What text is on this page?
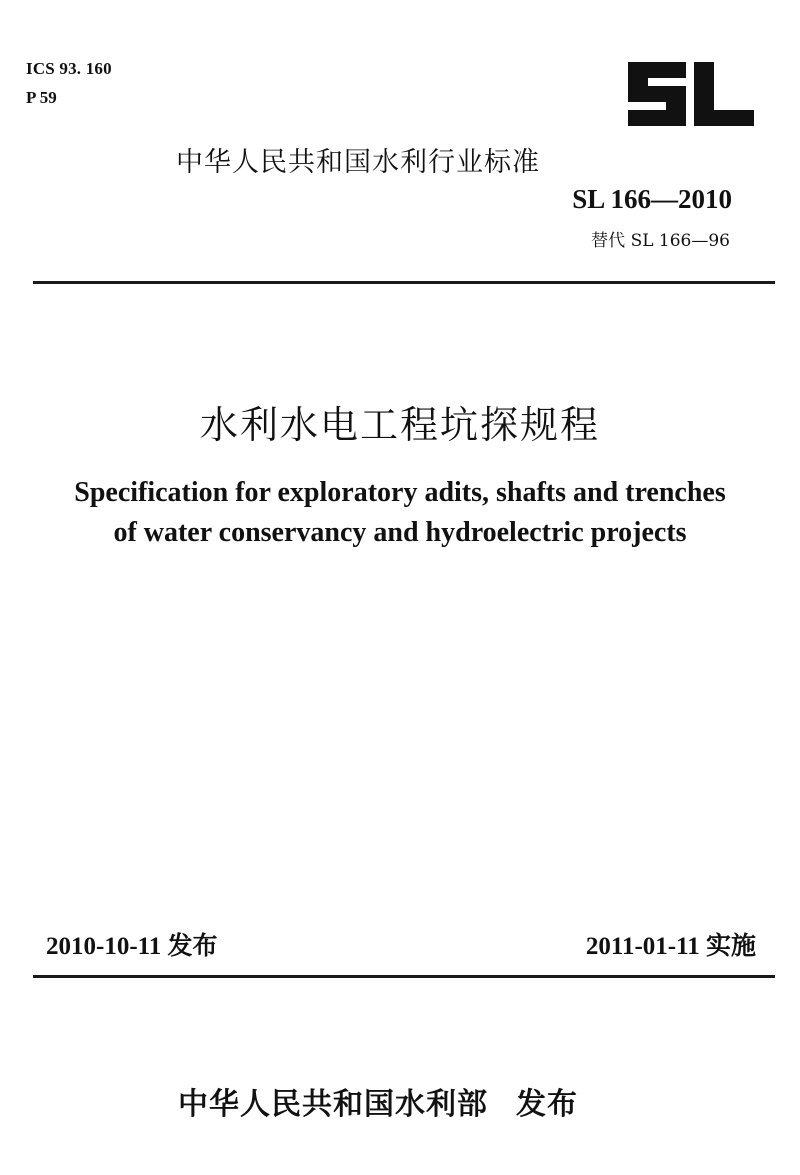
ICS 93. 160
P 59
中华人民共和国水利行业标准
SL 166—2010
替代 SL 166—96
水利水电工程坑探规程
Specification for exploratory adits, shafts and trenches
of water conservancy and hydroelectric projects
2010-10-11 发布	2011-01-11 实施
中华人民共和国水利部 发布
